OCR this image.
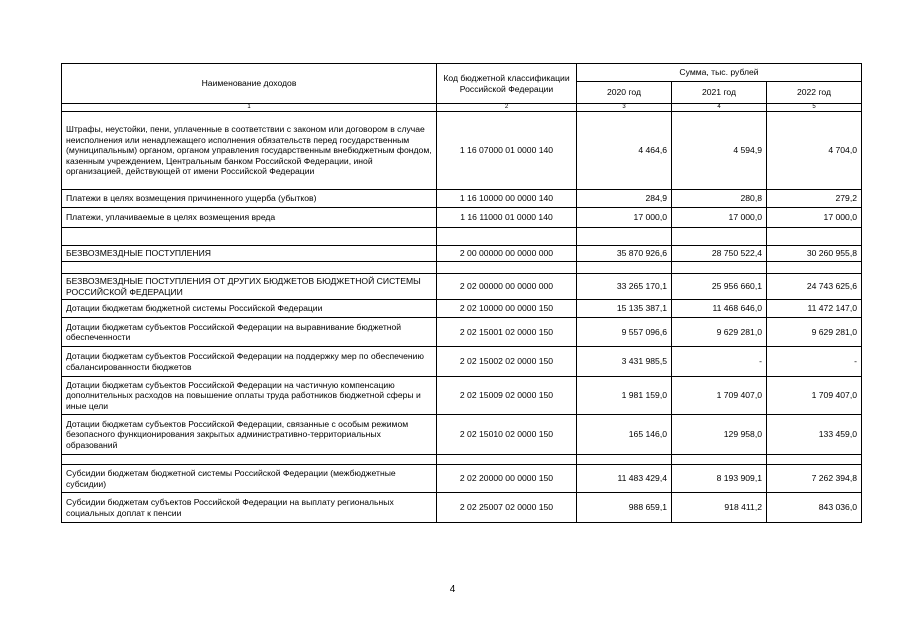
Наименование доходов	Код бюджетной классификации Российской Федерации	Сумма, тыс. рублей		
		2020 год	2021 год	2022 год
1	2	3	4	5
Штрафы, неустойки, пени, уплаченные в соответствии с законом или договором в случае неисполнения или ненадлежащего исполнения обязательств перед государственным (муниципальным) органом, органом управления государственным внебюджетным фондом, казенным учреждением, Центральным банком Российской Федерации, иной организацией, действующей от имени Российской Федерации	1 16 07000 01 0000 140	4 464,6	4 594,9	4 704,0
Платежи в целях возмещения причиненного ущерба (убытков)	1 16 10000 00 0000 140	284,9	280,8	279,2
Платежи, уплачиваемые в целях возмещения вреда	1 16 11000 01 0000 140	17 000,0	17 000,0	17 000,0

БЕЗВОЗМЕЗДНЫЕ ПОСТУПЛЕНИЯ	2 00 00000 00 0000 000	35 870 926,6	28 750 522,4	30 260 955,8

БЕЗВОЗМЕЗДНЫЕ ПОСТУПЛЕНИЯ ОТ ДРУГИХ БЮДЖЕТОВ БЮДЖЕТНОЙ СИСТЕМЫ РОССИЙСКОЙ ФЕДЕРАЦИИ	2 02 00000 00 0000 000	33 265 170,1	25 956 660,1	24 743 625,6
Дотации бюджетам бюджетной системы Российской Федерации	2 02 10000 00 0000 150	15 135 387,1	11 468 646,0	11 472 147,0
Дотации бюджетам субъектов Российской Федерации на выравнивание бюджетной обеспеченности	2 02 15001 02 0000 150	9 557 096,6	9 629 281,0	9 629 281,0
Дотации бюджетам субъектов Российской Федерации на поддержку мер по обеспечению сбалансированности бюджетов	2 02 15002 02 0000 150	3 431 985,5	-	-
Дотации бюджетам субъектов Российской Федерации на частичную компенсацию дополнительных расходов на повышение оплаты труда работников бюджетной сферы и иные цели	2 02 15009 02 0000 150	1 981 159,0	1 709 407,0	1 709 407,0
Дотации бюджетам субъектов Российской Федерации, связанные с особым режимом безопасного функционирования закрытых административно-территориальных образований	2 02 15010 02 0000 150	165 146,0	129 958,0	133 459,0

Субсидии бюджетам бюджетной системы Российской Федерации (межбюджетные субсидии)	2 02 20000 00 0000 150	11 483 429,4	8 193 909,1	7 262 394,8
Субсидии бюджетам субъектов Российской Федерации на выплату региональных социальных доплат к пенсии	2 02 25007 02 0000 150	988 659,1	918 411,2	843 036,0
4
